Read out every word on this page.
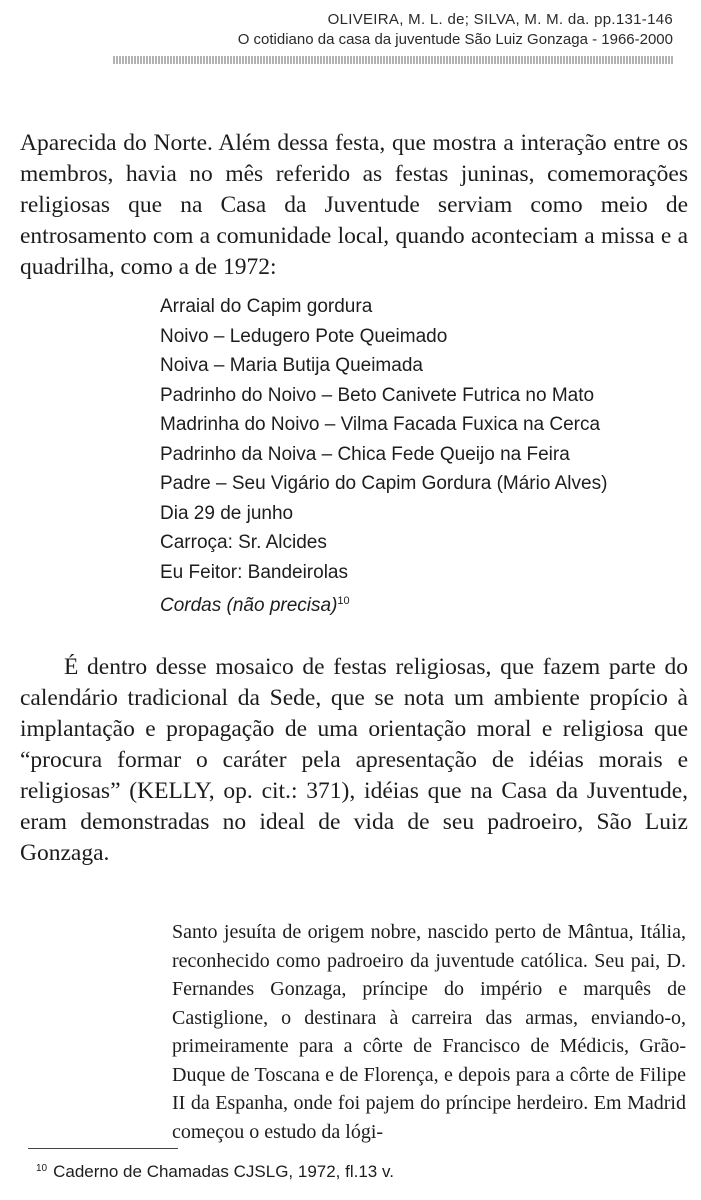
OLIVEIRA, M. L. de; SILVA, M. M. da. pp.131-146
O cotidiano da casa da juventude São Luiz Gonzaga - 1966-2000

Aparecida do Norte. Além dessa festa, que mostra a interação entre os membros, havia no mês referido as festas juninas, comemorações religiosas que na Casa da Juventude serviam como meio de entrosamento com a comunidade local, quando aconteciam a missa e a quadrilha, como a de 1972:

Arraial do Capim gordura
Noivo – Ledugero Pote Queimado
Noiva – Maria Butija Queimada
Padrinho do Noivo – Beto Canivete Futrica no Mato
Madrinha do Noivo – Vilma Facada Fuxica na Cerca
Padrinho da Noiva – Chica Fede Queijo na Feira
Padre – Seu Vigário do Capim Gordura (Mário Alves)
Dia 29 de junho
Carroça: Sr. Alcides
Eu Feitor: Bandeirolas
Cordas (não precisa)$^{10}$

É dentro desse mosaico de festas religiosas, que fazem parte do calendário tradicional da Sede, que se nota um ambiente propício à implantação e propagação de uma orientação moral e religiosa que “procura formar o caráter pela apresentação de idéias morais e religiosas” (KELLY, op. cit.: 371), idéias que na Casa da Juventude, eram demonstradas no ideal de vida de seu padroeiro, São Luiz Gonzaga.

Santo jesuíta de origem nobre, nascido perto de Mântua, Itália, reconhecido como padroeiro da juventude católica. Seu pai, D. Fernandes Gonzaga, príncipe do império e marquês de Castiglione, o destinara à carreira das armas, enviando-o, primeiramente para a côrte de Francisco de Médicis, Grão-Duque de Toscana e de Florença, e depois para a côrte de Filipe II da Espanha, onde foi pajem do príncipe herdeiro. Em Madrid começou o estudo da lógi-

$^{10}$ Caderno de Chamadas CJSLG, 1972, fl.13 v.
